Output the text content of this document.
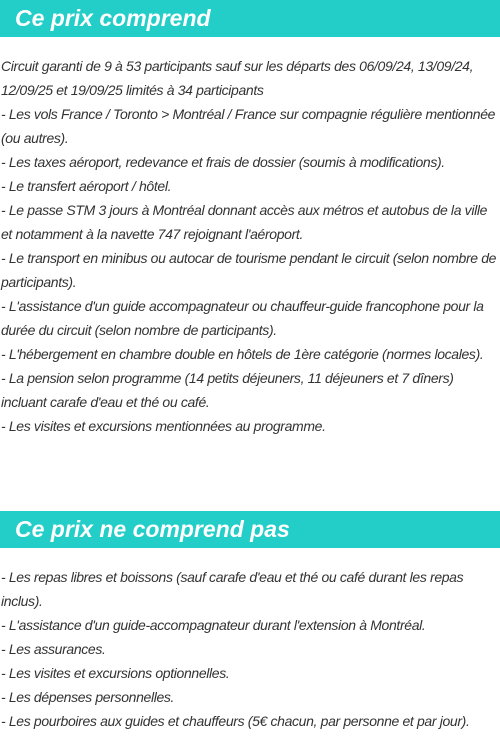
Ce prix comprend

Circuit garanti de 9 à 53 participants sauf sur les départs des 06/09/24, 13/09/24, 12/09/25 et 19/09/25 limités à 34 participants

- Les vols France / Toronto > Montréal / France sur compagnie régulière mentionnée (ou autres).

- Les taxes aéroport, redevance et frais de dossier (soumis à modifications).

- Le transfert aéroport / hôtel.

- Le passe STM 3 jours à Montréal donnant accès aux métros et autobus de la ville et notamment à la navette 747 rejoignant l'aéroport.

- Le transport en minibus ou autocar de tourisme pendant le circuit (selon nombre de participants).

- L'assistance d'un guide accompagnateur ou chauffeur-guide francophone pour la durée du circuit (selon nombre de participants).

- L'hébergement en chambre double en hôtels de 1ère catégorie (normes locales).

- La pension selon programme (14 petits déjeuners, 11 déjeuners et 7 dîners) incluant carafe d'eau et thé ou café.

- Les visites et excursions mentionnées au programme.

Ce prix ne comprend pas

- Les repas libres et boissons (sauf carafe d'eau et thé ou café durant les repas inclus).

- L'assistance d'un guide-accompagnateur durant l'extension à Montréal.

- Les assurances.

- Les visites et excursions optionnelles.

- Les dépenses personnelles.

- Les pourboires aux guides et chauffeurs (5€ chacun, par personne et par jour).
